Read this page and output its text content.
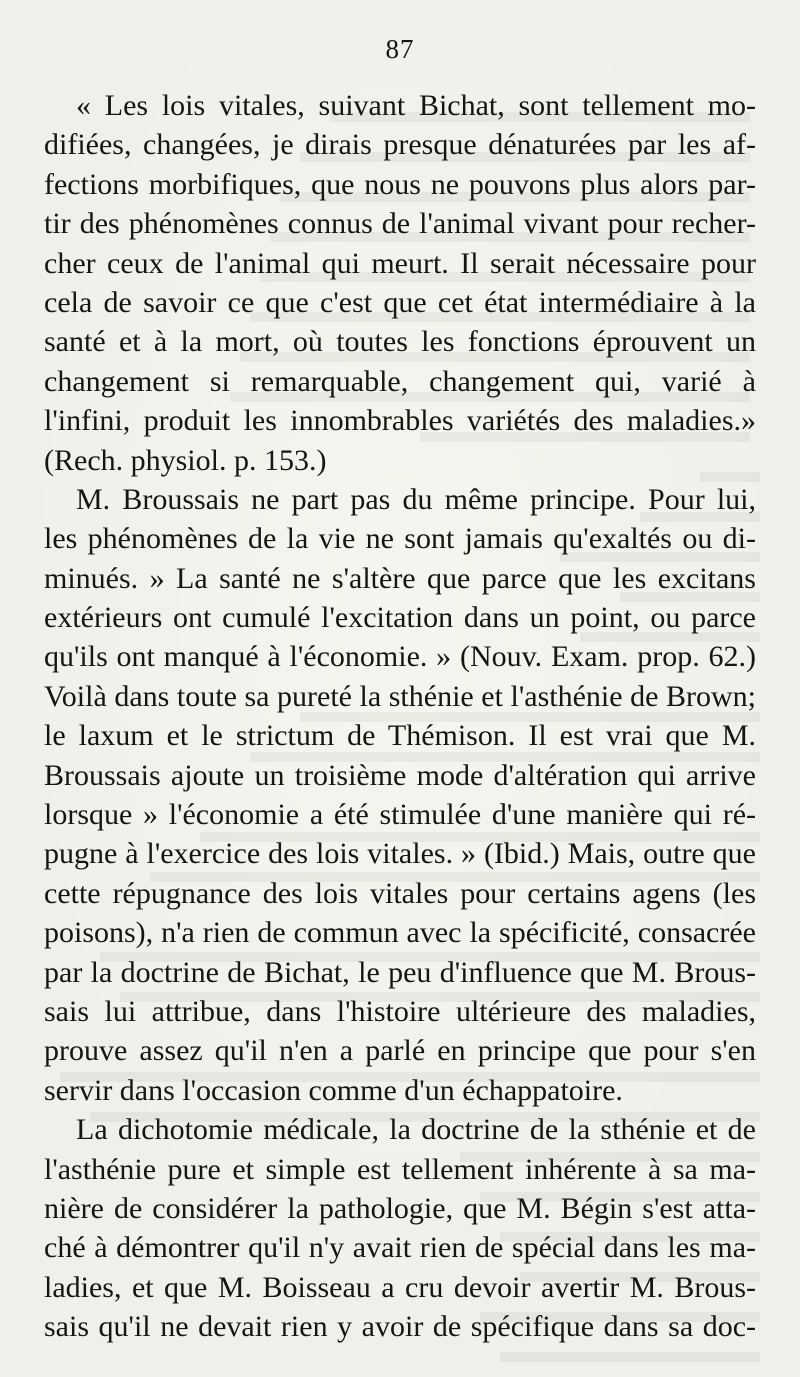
87
« Les lois vitales, suivant Bichat, sont tellement mo-
difiées, changées, je dirais presque dénaturées par les af-
fections morbifiques, que nous ne pouvons plus alors par-
tir des phénomènes connus de l'animal vivant pour recher-
cher ceux de l'animal qui meurt. Il serait nécessaire pour
cela de savoir ce que c'est que cet état intermédiaire à la
santé et à la mort, où toutes les fonctions éprouvent un
changement si remarquable, changement qui, varié à
l'infini, produit les innombrables variétés des maladies.»
(Rech. physiol. p. 153.)
M. Broussais ne part pas du même principe. Pour lui,
les phénomènes de la vie ne sont jamais qu'exaltés ou di-
minués. » La santé ne s'altère que parce que les excitans
extérieurs ont cumulé l'excitation dans un point, ou parce
qu'ils ont manqué à l'économie. » (Nouv. Exam. prop. 62.)
Voilà dans toute sa pureté la sthénie et l'asthénie de Brown;
le laxum et le strictum de Thémison. Il est vrai que M.
Broussais ajoute un troisième mode d'altération qui arrive
lorsque » l'économie a été stimulée d'une manière qui ré-
pugne à l'exercice des lois vitales. » (Ibid.) Mais, outre que
cette répugnance des lois vitales pour certains agens (les
poisons), n'a rien de commun avec la spécificité, consacrée
par la doctrine de Bichat, le peu d'influence que M. Brous-
sais lui attribue, dans l'histoire ultérieure des maladies,
prouve assez qu'il n'en a parlé en principe que pour s'en
servir dans l'occasion comme d'un échappatoire.
La dichotomie médicale, la doctrine de la sthénie et de
l'asthénie pure et simple est tellement inhérente à sa ma-
nière de considérer la pathologie, que M. Bégin s'est atta-
ché à démontrer qu'il n'y avait rien de spécial dans les ma-
ladies, et que M. Boisseau a cru devoir avertir M. Brous-
sais qu'il ne devait rien y avoir de spécifique dans sa doc-
